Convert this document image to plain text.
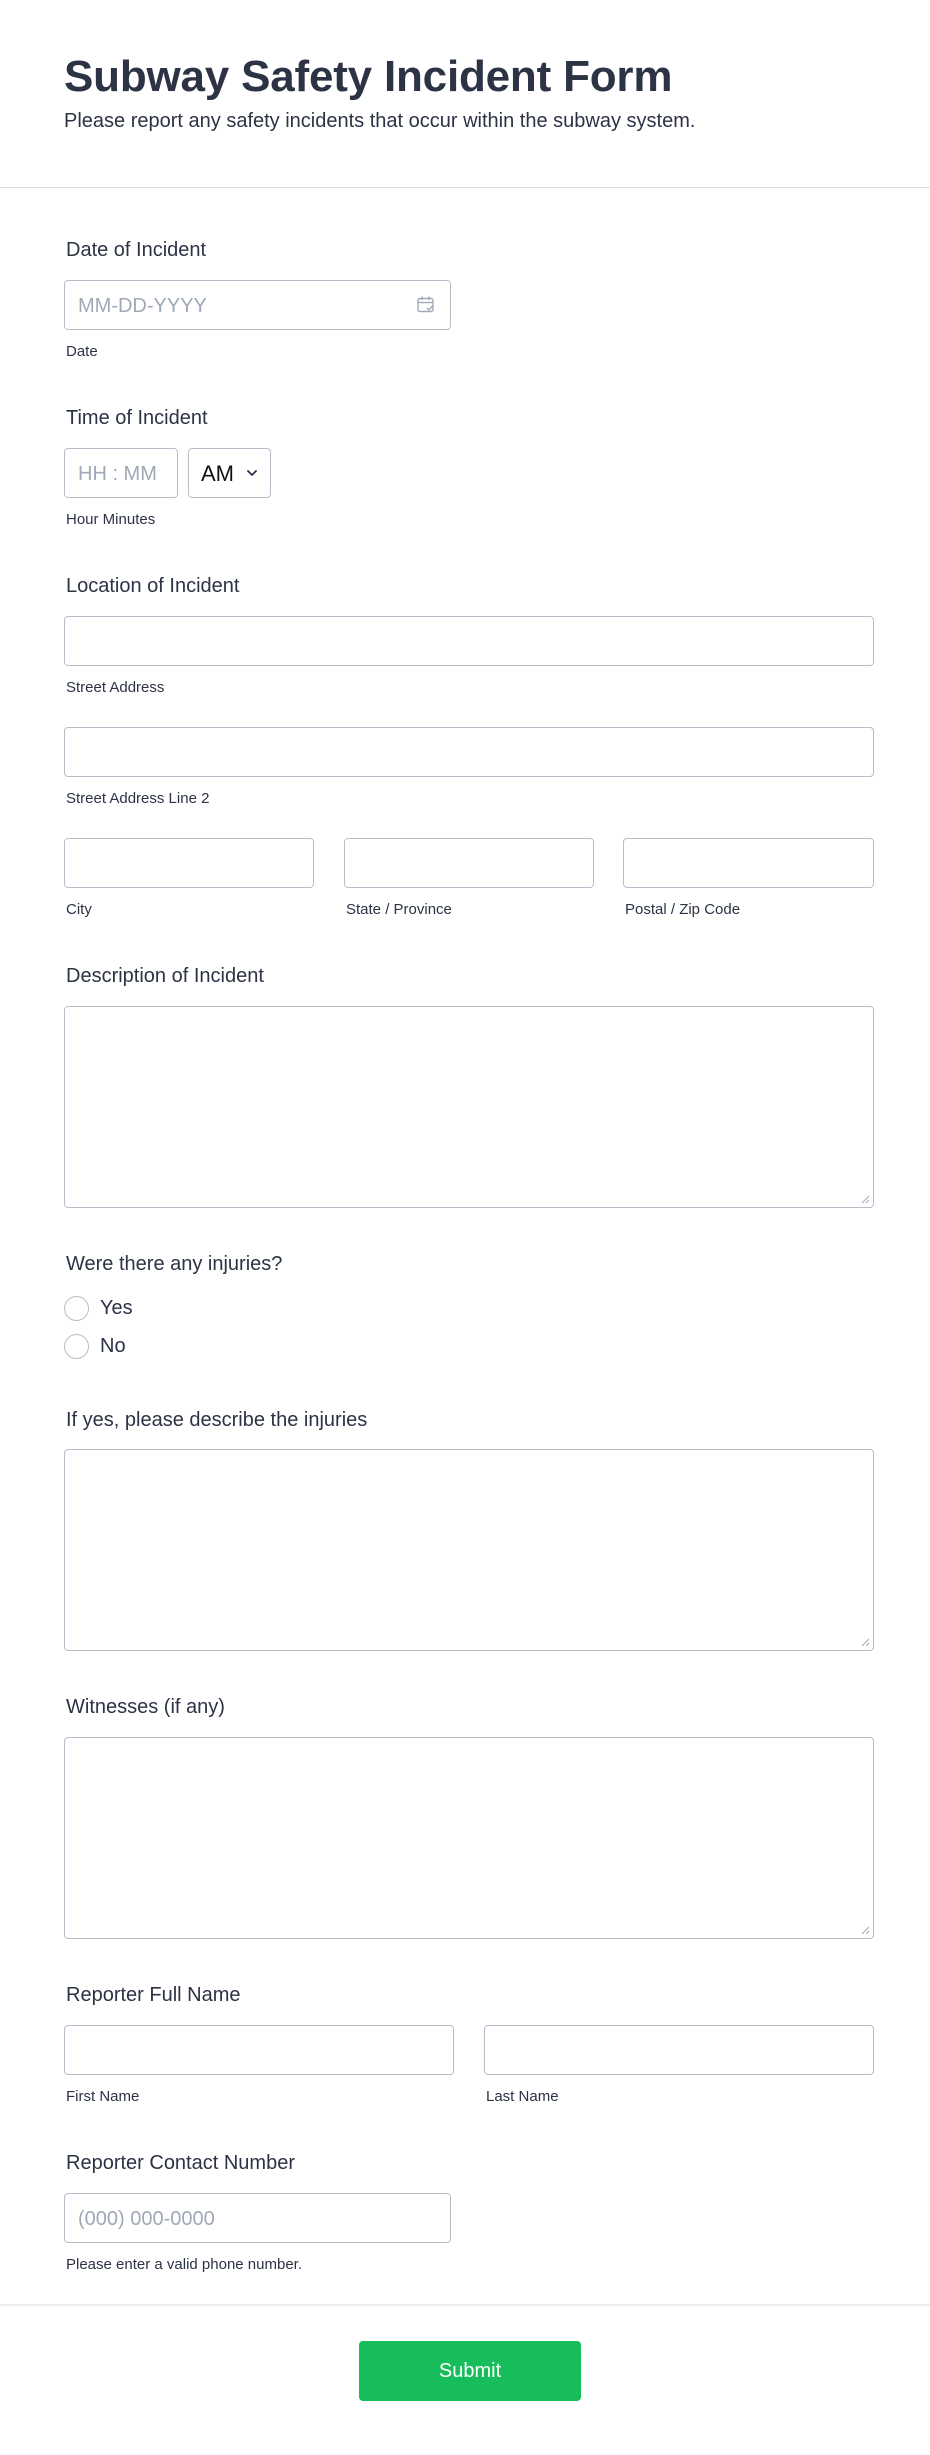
Subway Safety Incident Form

Please report any safety incidents that occur within the subway system.

Date of Incident
MM-DD-YYYY
Date
Time of Incident
HH : MM AM
Hour Minutes
Location of Incident
Street Address
Street Address Line 2
City	State / Province	Postal / Zip Code
Description of Incident
Were there any injuries?
Yes
No
If yes, please describe the injuries
Witnesses (if any)
Reporter Full Name
First Name	Last Name
Reporter Contact Number
(000) 000-0000
Please enter a valid phone number.
Submit
